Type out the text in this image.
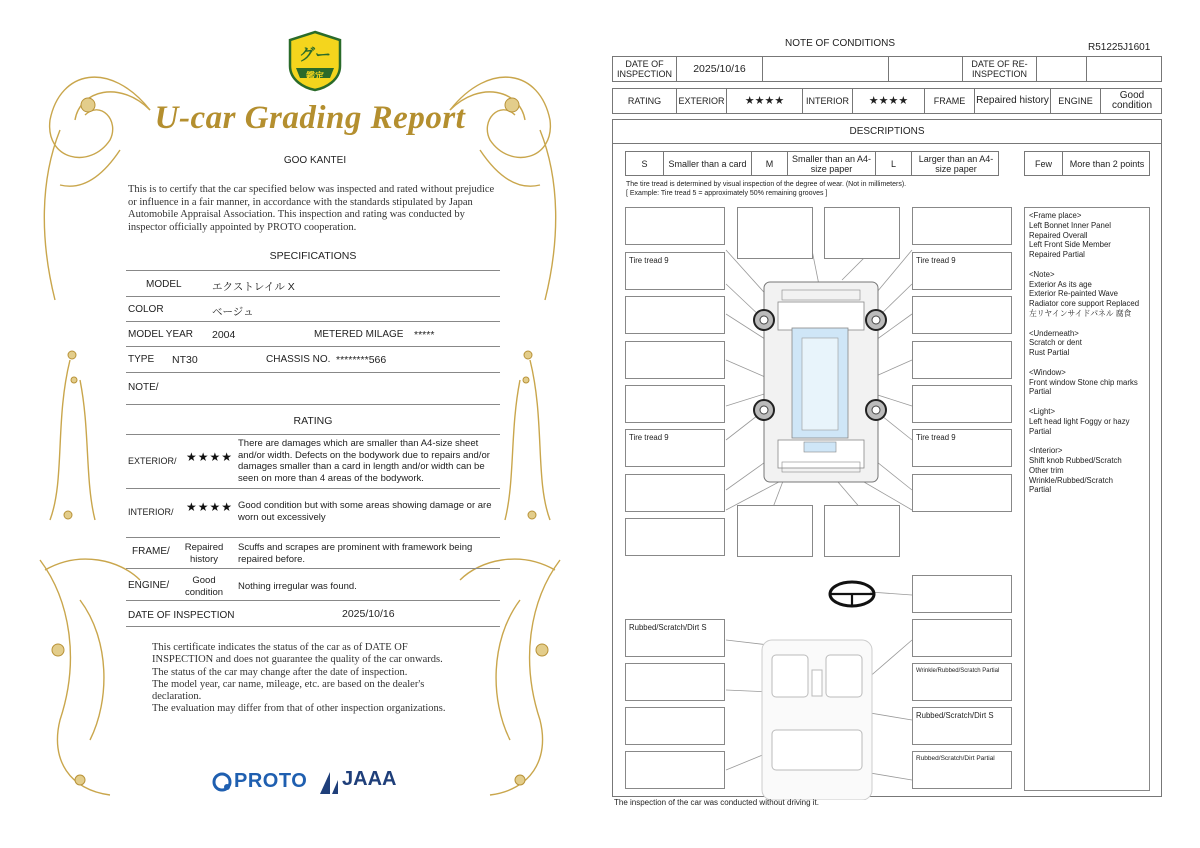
グー
鑑定
U-car Grading Report
GOO KANTEI
This is to certify that the car specified below was inspected and rated without prejudice or influence in a fair manner, in accordance with the standards stipulated by Japan Automobile Appraisal Association. This inspection and rating was conducted by inspector officially appointed by PROTO cooperation.
SPECIFICATIONS
MODEL	エクストレイル X
COLOR	ベージュ
MODEL YEAR 2004	METERED MILAGE *****
TYPE NT30	CHASSIS NO. ********566
NOTE/
RATING
EXTERIOR/ ★★★★
There are damages which are smaller than A4-size sheet and/or width. Defects on the bodywork due to repairs and/or damages smaller than a card in length and/or width can be seen on more than 4 areas of the bodywork.
INTERIOR/ ★★★★ Good condition but with some areas showing damage or are worn out excessively
FRAME/	Repaired history
Scuffs and scrapes are prominent with framework being repaired before.
ENGINE/	Good condition	Nothing irregular was found.
DATE OF INSPECTION	2025/10/16
This certificate indicates the status of the car as of DATE OF
INSPECTION and does not guarantee the quality of the car onwards.
The status of the car may change after the date of inspection.
The model year, car name, mileage, etc. are based on the dealer's
declaration.
The evaluation may differ from that of other inspection organizations.
PROTO JAAA
NOTE OF CONDITIONS	R51225J1601
DATE OF INSPECTION	2025/10/16	DATE OF RE-INSPECTION
RATING	EXTERIOR	★★★★	INTERIOR	★★★★	FRAME	Repaired history	ENGINE	Good condition
DESCRIPTIONS
S	Smaller than a card	M	Smaller than an A4-size paper	L	Larger than an A4-size paper	Few	More than 2 points
The tire tread is determined by visual inspection of the degree of wear. (Not in millimeters).
[ Example: Tire tread 5 = approximately 50% remaining grooves ]
Tire tread 9
Tire tread 9
Tire tread 9
Tire tread 9
Rubbed/Scratch/Dirt S
Wrinkle/Rubbed/Scratch Partial
Rubbed/Scratch/Dirt S
Rubbed/Scratch/Dirt Partial

<Frame place>
Left Bonnet Inner Panel
Repaired Overall
Left Front Side Member
Repaired Partial

<Note>
Exterior As its age
Exterior Re-painted Wave
Radiator core support Replaced
左リヤインサイドパネル 腐食

<Underneath>
Scratch or dent
Rust Partial

<Window>
Front window Stone chip marks
Partial

<Light>
Left head light Foggy or hazy
Partial

<Interior>
Shift knob Rubbed/Scratch
Other trim
Wrinkle/Rubbed/Scratch
Partial

The inspection of the car was conducted without driving it.
